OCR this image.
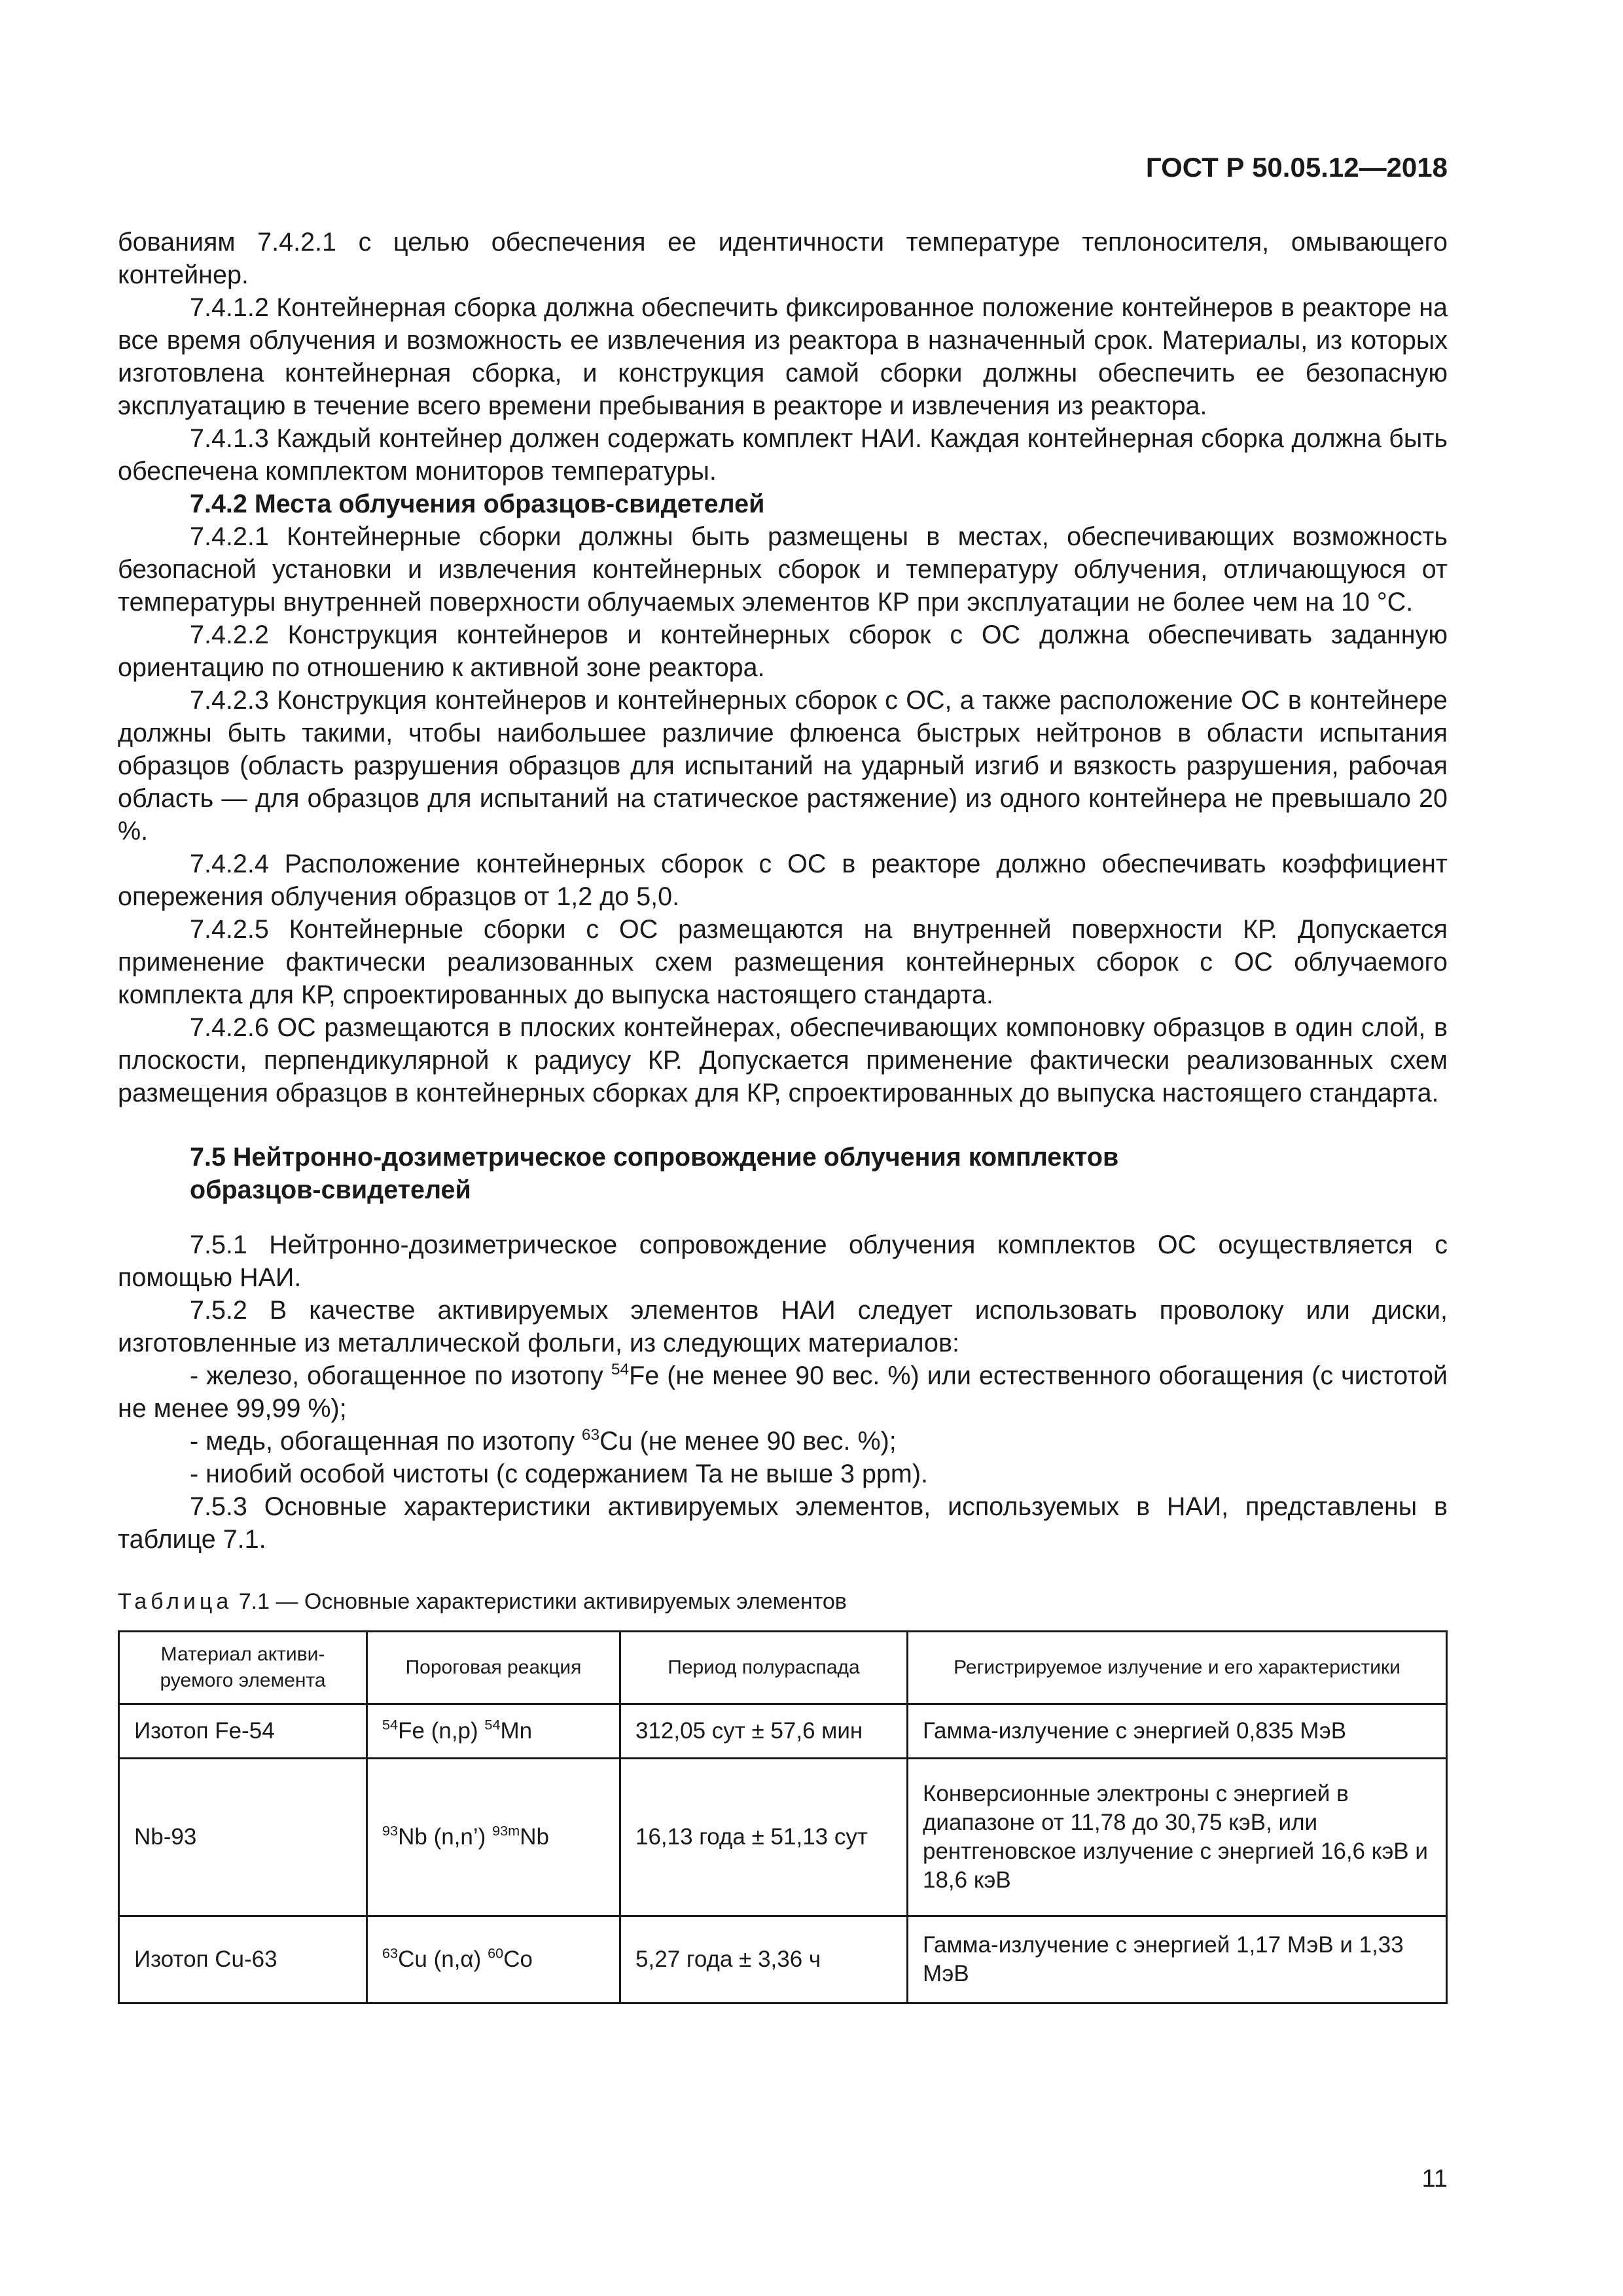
ГОСТ Р 50.05.12—2018

бованиям 7.4.2.1 с целью обеспечения ее идентичности температуре теплоносителя, омывающего контейнер.

7.4.1.2 Контейнерная сборка должна обеспечить фиксированное положение контейнеров в реакторе на все время облучения и возможность ее извлечения из реактора в назначенный срок. Материалы, из которых изготовлена контейнерная сборка, и конструкция самой сборки должны обеспечить ее безопасную эксплуатацию в течение всего времени пребывания в реакторе и извлечения из реактора.

7.4.1.3 Каждый контейнер должен содержать комплект НАИ. Каждая контейнерная сборка должна быть обеспечена комплектом мониторов температуры.

7.4.2 Места облучения образцов-свидетелей

7.4.2.1 Контейнерные сборки должны быть размещены в местах, обеспечивающих возможность безопасной установки и извлечения контейнерных сборок и температуру облучения, отличающуюся от температуры внутренней поверхности облучаемых элементов КР при эксплуатации не более чем на 10 °С.

7.4.2.2 Конструкция контейнеров и контейнерных сборок с ОС должна обеспечивать заданную ориентацию по отношению к активной зоне реактора.

7.4.2.3 Конструкция контейнеров и контейнерных сборок с ОС, а также расположение ОС в контейнере должны быть такими, чтобы наибольшее различие флюенса быстрых нейтронов в области испытания образцов (область разрушения образцов для испытаний на ударный изгиб и вязкость разрушения, рабочая область — для образцов для испытаний на статическое растяжение) из одного контейнера не превышало 20 %.

7.4.2.4 Расположение контейнерных сборок с ОС в реакторе должно обеспечивать коэффициент опережения облучения образцов от 1,2 до 5,0.

7.4.2.5 Контейнерные сборки с ОС размещаются на внутренней поверхности КР. Допускается применение фактически реализованных схем размещения контейнерных сборок с ОС облучаемого комплекта для КР, спроектированных до выпуска настоящего стандарта.

7.4.2.6 ОС размещаются в плоских контейнерах, обеспечивающих компоновку образцов в один слой, в плоскости, перпендикулярной к радиусу КР. Допускается применение фактически реализованных схем размещения образцов в контейнерных сборках для КР, спроектированных до выпуска настоящего стандарта.

7.5 Нейтронно-дозиметрическое сопровождение облучения комплектов
образцов-свидетелей

7.5.1 Нейтронно-дозиметрическое сопровождение облучения комплектов ОС осуществляется с помощью НАИ.

7.5.2 В качестве активируемых элементов НАИ следует использовать проволоку или диски, изготовленные из металлической фольги, из следующих материалов:

- железо, обогащенное по изотопу $^{54}$Fe (не менее 90 вес. %) или естественного обогащения (с чистотой не менее 99,99 %);

- медь, обогащенная по изотопу $^{63}$Cu (не менее 90 вес. %);

- ниобий особой чистоты (с содержанием Ta не выше 3 ppm).

7.5.3 Основные характеристики активируемых элементов, используемых в НАИ, представлены в таблице 7.1.

Таблица 7.1 — Основные характеристики активируемых элементов

Материал активи-руемого элемента	Пороговая реакция	Период полураспада	Регистрируемое излучение и его характеристики
Изотоп Fe-54	$^{54}$Fe (n,p) $^{54}$Mn	312,05 сут ± 57,6 мин	Гамма-излучение с энергией 0,835 МэВ
Nb-93	$^{93}$Nb (n,n’) $^{93m}$Nb	16,13 года ± 51,13 сут	Конверсионные электроны с энергией в диапазоне от 11,78 до 30,75 кэВ, или рентгеновское излучение с энергией 16,6 кэВ и 18,6 кэВ
Изотоп Cu-63	$^{63}$Cu (n,α) $^{60}$Co	5,27 года ± 3,36 ч	Гамма-излучение с энергией 1,17 МэВ и 1,33 МэВ
11
